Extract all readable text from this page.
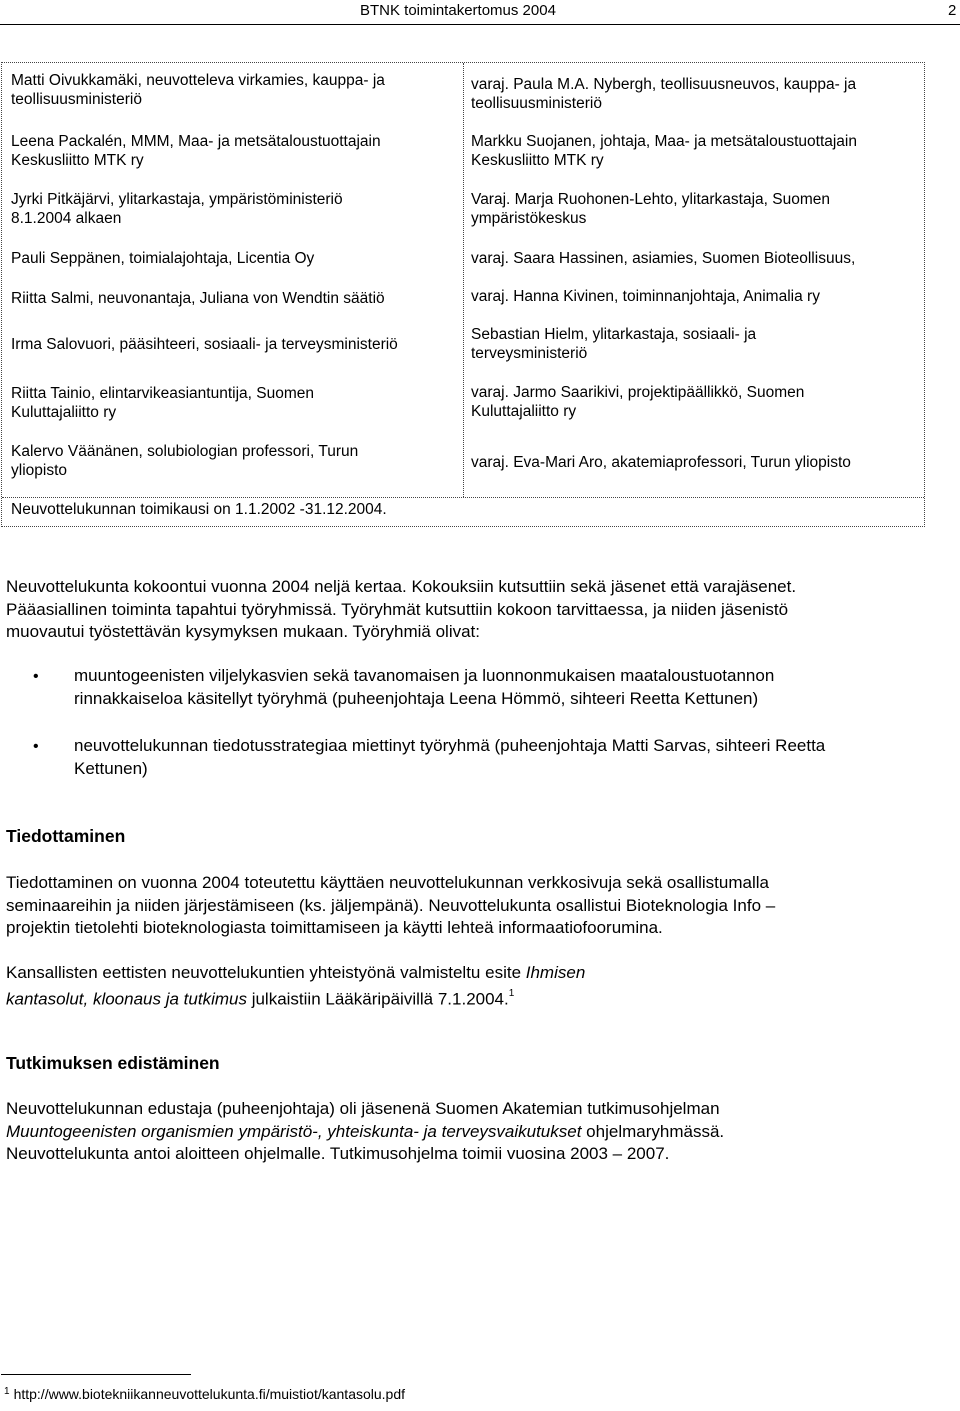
BTNK toimintakertomus 2004	2
Matti Oivukkamäki, neuvotteleva virkamies, kauppa- ja
teollisuusministeriö
Leena Packalén, MMM, Maa- ja metsätaloustuottajain
Keskusliitto MTK ry
Jyrki Pitkäjärvi, ylitarkastaja, ympäristöministeriö
8.1.2004 alkaen
Pauli Seppänen, toimialajohtaja, Licentia Oy
Riitta Salmi, neuvonantaja, Juliana von Wendtin säätiö
Irma Salovuori, pääsihteeri, sosiaali- ja terveysministeriö
Riitta Tainio, elintarvikeasiantuntija, Suomen
Kuluttajaliitto ry
Kalervo Väänänen, solubiologian professori, Turun
yliopisto
varaj. Paula M.A. Nybergh, teollisuusneuvos, kauppa- ja
teollisuusministeriö
Markku Suojanen, johtaja, Maa- ja metsätaloustuottajain
Keskusliitto MTK ry
Varaj. Marja Ruohonen-Lehto, ylitarkastaja, Suomen
ympäristökeskus
varaj. Saara Hassinen, asiamies, Suomen Bioteollisuus,
varaj. Hanna Kivinen, toiminnanjohtaja, Animalia ry
Sebastian Hielm, ylitarkastaja, sosiaali- ja
terveysministeriö
varaj. Jarmo Saarikivi, projektipäällikkö, Suomen
Kuluttajaliitto ry
varaj. Eva-Mari Aro, akatemiaprofessori, Turun yliopisto
Neuvottelukunnan toimikausi on 1.1.2002 -31.12.2004.
Neuvottelukunta kokoontui vuonna 2004 neljä kertaa. Kokouksiin kutsuttiin sekä jäsenet että varajäsenet.
Pääasiallinen toiminta tapahtui työryhmissä. Työryhmät kutsuttiin kokoon tarvittaessa, ja niiden jäsenistö
muovautui työstettävän kysymyksen mukaan. Työryhmiä olivat:
• muuntogeenisten viljelykasvien sekä tavanomaisen ja luonnonmukaisen maataloustuotannon
rinnakkaiseloa käsitellyt työryhmä (puheenjohtaja Leena Hömmö, sihteeri Reetta Kettunen)
• neuvottelukunnan tiedotusstrategiaa miettinyt työryhmä (puheenjohtaja Matti Sarvas, sihteeri Reetta
Kettunen)
Tiedottaminen
Tiedottaminen on vuonna 2004 toteutettu käyttäen neuvottelukunnan verkkosivuja sekä osallistumalla
seminaareihin ja niiden järjestämiseen (ks. jäljempänä). Neuvottelukunta osallistui Bioteknologia Info –
projektin tietolehti bioteknologiasta toimittamiseen ja käytti lehteä informaatiofoorumina.
Kansallisten eettisten neuvottelukuntien yhteistyönä valmisteltu esite Ihmisen
kantasolut, kloonaus ja tutkimus julkaistiin Lääkäripäivillä 7.1.2004.$^1$
Tutkimuksen edistäminen
Neuvottelukunnan edustaja (puheenjohtaja) oli jäsenenä Suomen Akatemian tutkimusohjelman
Muuntogeenisten organismien ympäristö-, yhteiskunta- ja terveysvaikutukset ohjelmaryhmässä.
Neuvottelukunta antoi aloitteen ohjelmalle. Tutkimusohjelma toimii vuosina 2003 – 2007.
$^1$ http://www.biotekniikanneuvottelukunta.fi/muistiot/kantasolu.pdf
